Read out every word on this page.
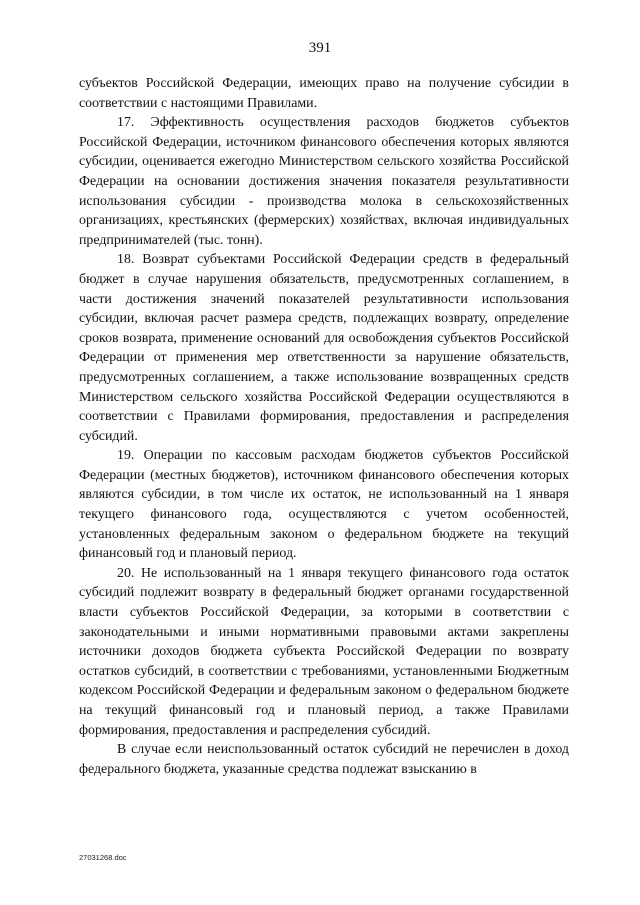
391

субъектов Российской Федерации, имеющих право на получение субсидии в соответствии с настоящими Правилами.

17. Эффективность осуществления расходов бюджетов субъектов Российской Федерации, источником финансового обеспечения которых являются субсидии, оценивается ежегодно Министерством сельского хозяйства Российской Федерации на основании достижения значения показателя результативности использования субсидии - производства молока в сельскохозяйственных организациях, крестьянских (фермерских) хозяйствах, включая индивидуальных предпринимателей (тыс. тонн).

18. Возврат субъектами Российской Федерации средств в федеральный бюджет в случае нарушения обязательств, предусмотренных соглашением, в части достижения значений показателей результативности использования субсидии, включая расчет размера средств, подлежащих возврату, определение сроков возврата, применение оснований для освобождения субъектов Российской Федерации от применения мер ответственности за нарушение обязательств, предусмотренных соглашением, а также использование возвращенных средств Министерством сельского хозяйства Российской Федерации осуществляются в соответствии с Правилами формирования, предоставления и распределения субсидий.

19. Операции по кассовым расходам бюджетов субъектов Российской Федерации (местных бюджетов), источником финансового обеспечения которых являются субсидии, в том числе их остаток, не использованный на 1 января текущего финансового года, осуществляются с учетом особенностей, установленных федеральным законом о федеральном бюджете на текущий финансовый год и плановый период.

20. Не использованный на 1 января текущего финансового года остаток субсидий подлежит возврату в федеральный бюджет органами государственной власти субъектов Российской Федерации, за которыми в соответствии с законодательными и иными нормативными правовыми актами закреплены источники доходов бюджета субъекта Российской Федерации по возврату остатков субсидий, в соответствии с требованиями, установленными Бюджетным кодексом Российской Федерации и федеральным законом о федеральном бюджете на текущий финансовый год и плановый период, а также Правилами формирования, предоставления и распределения субсидий.

В случае если неиспользованный остаток субсидий не перечислен в доход федерального бюджета, указанные средства подлежат взысканию в

27031268.doc
